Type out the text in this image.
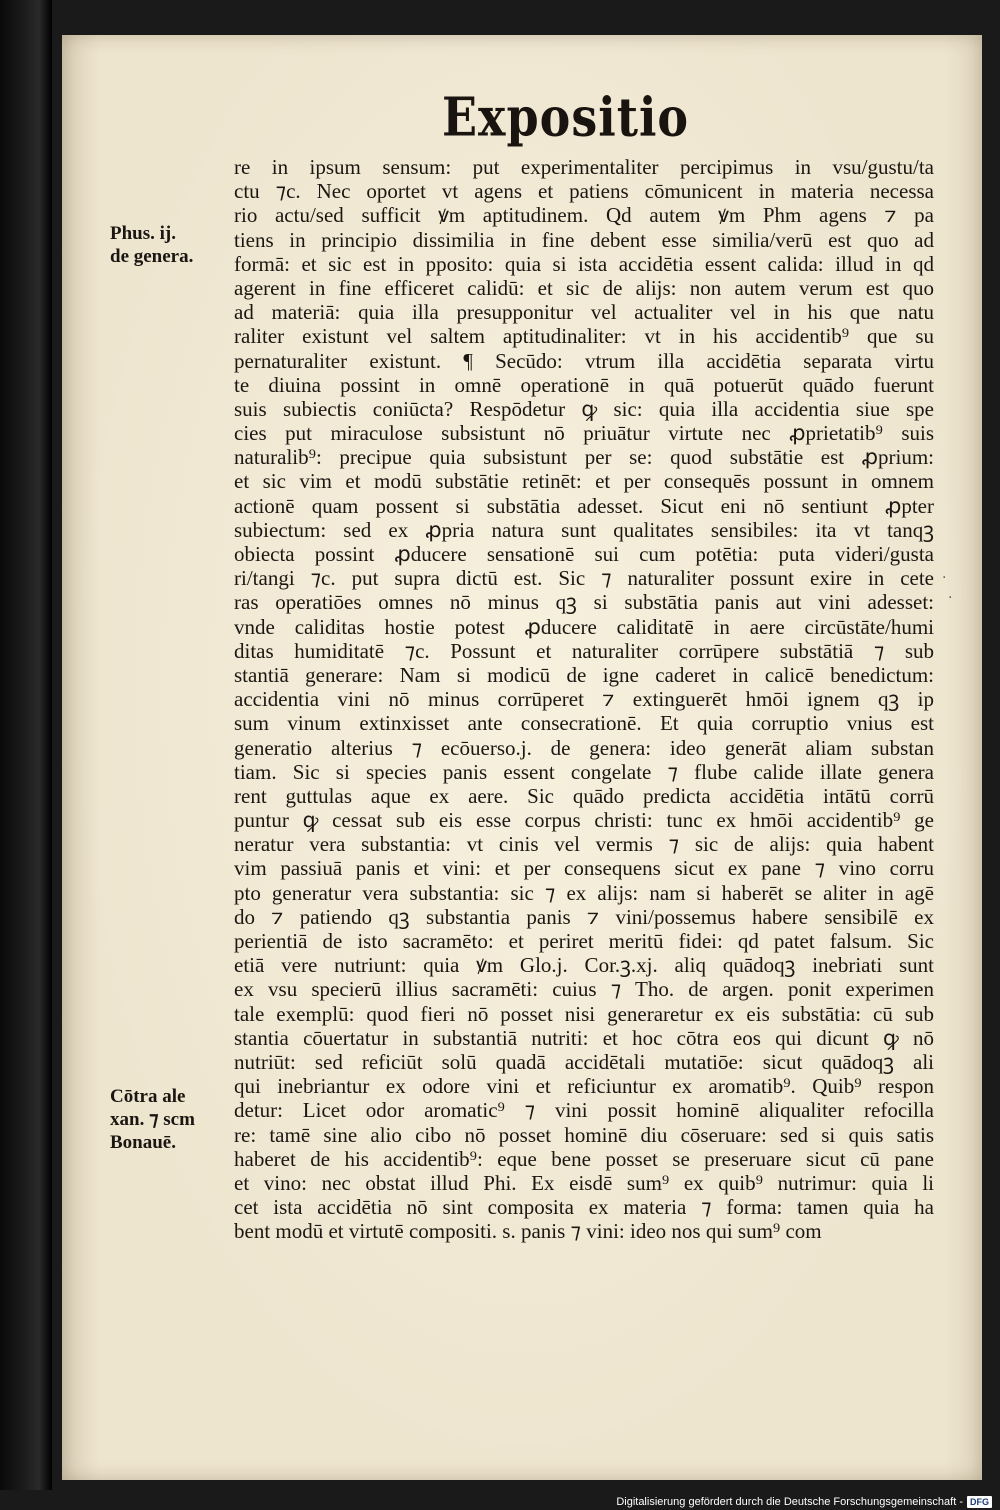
Expositio
Phus. ij.
de genera.
Cōtra ale
xan. ⁊ scm
Bonauē.
re in ipsum sensum: put experimentaliter percipimus in vsu/gustu/ta
ctu ⁊c. Nec oportet vt agens et patiens cōmunicent in materia necessa
rio actu/sed sufficit ꝟm aptitudinem. Qd autem ꝟm Phm agens ⁊ pa
tiens in principio dissimilia in fine debent esse similia/verū est quo ad
formā: et sic est in pposito: quia si ista accidētia essent calida: illud in qd
agerent in fine efficeret calidū: et sic de alijs: non autem verum est quo
ad materiā: quia illa presupponitur vel actualiter vel in his que natu
raliter existunt vel saltem aptitudinaliter: vt in his accidentib⁹ que su
pernaturaliter existunt. ¶ Secūdo: vtrum illa accidētia separata virtu
te diuina possint in omnē operationē in quā potuerūt quādo fuerunt
suis subiectis coniūcta? Respōdetur ꝙ sic: quia illa accidentia siue spe
cies put miraculose subsistunt nō priuātur virtute nec ꝓprietatib⁹ suis
naturalib⁹: precipue quia subsistunt per se: quod substātie est ꝓprium:
et sic vim et modū substātie retinēt: et per consequēs possunt in omnem
actionē quam possent si substātia adesset. Sicut eni nō sentiunt ꝓpter
subiectum: sed ex ꝓpria natura sunt qualitates sensibiles: ita vt tanqꝫ
obiecta possint ꝓducere sensationē sui cum potētia: puta videri/gusta
ri/tangi ⁊c. put supra dictū est. Sic ⁊ naturaliter possunt exire in cete
ras operatiōes omnes nō minus qꝫ si substātia panis aut vini adesset:
vnde caliditas hostie potest ꝓducere caliditatē in aere circūstāte/humi
ditas humiditatē ⁊c. Possunt et naturaliter corrūpere substātiā ⁊ sub
stantiā generare: Nam si modicū de igne caderet in calicē benedictum:
accidentia vini nō minus corrūperet ⁊ extinguerēt hmōi ignem qꝫ ip
sum vinum extinxisset ante consecrationē. Et quia corruptio vnius est
generatio alterius ⁊ ecōuerso.j. de genera: ideo generāt aliam substan
tiam. Sic si species panis essent congelate ⁊ flube calide illate genera
rent guttulas aque ex aere. Sic quādo predicta accidētia intātū corrū
puntur ꝙ cessat sub eis esse corpus christi: tunc ex hmōi accidentib⁹ ge
neratur vera substantia: vt cinis vel vermis ⁊ sic de alijs: quia habent
vim passiuā panis et vini: et per consequens sicut ex pane ⁊ vino corru
pto generatur vera substantia: sic ⁊ ex alijs: nam si haberēt se aliter in agē
do ⁊ patiendo qꝫ substantia panis ⁊ vini/possemus habere sensibilē ex
perientiā de isto sacramēto: et periret meritū fidei: qd patet falsum. Sic
etiā vere nutriunt: quia ꝟm Glo.j. Cor.ꝫ.xj. aliq quādoqꝫ inebriati sunt
ex vsu specierū illius sacramēti: cuius ⁊ Tho. de argen. ponit experimen
tale exemplū: quod fieri nō posset nisi generaretur ex eis substātia: cū sub
stantia cōuertatur in substantiā nutriti: et hoc cōtra eos qui dicunt ꝙ nō
nutriūt: sed reficiūt solū quadā accidētali mutatiōe: sicut quādoqꝫ ali
qui inebriantur ex odore vini et reficiuntur ex aromatib⁹. Quib⁹ respon
detur: Licet odor aromatic⁹ ⁊ vini possit hominē aliqualiter refocilla
re: tamē sine alio cibo nō posset hominē diu cōseruare: sed si quis satis
haberet de his accidentib⁹: eque bene posset se preseruare sicut cū pane
et vino: nec obstat illud Phi. Ex eisdē sum⁹ ex quib⁹ nutrimur: quia li
cet ista accidētia nō sint composita ex materia ⁊ forma: tamen quia ha
bent modū et virtutē compositi. s. panis ⁊ vini: ideo nos qui sum⁹ com
·
·
Digitalisierung gefördert durch die Deutsche Forschungsgemeinschaft - DFG
